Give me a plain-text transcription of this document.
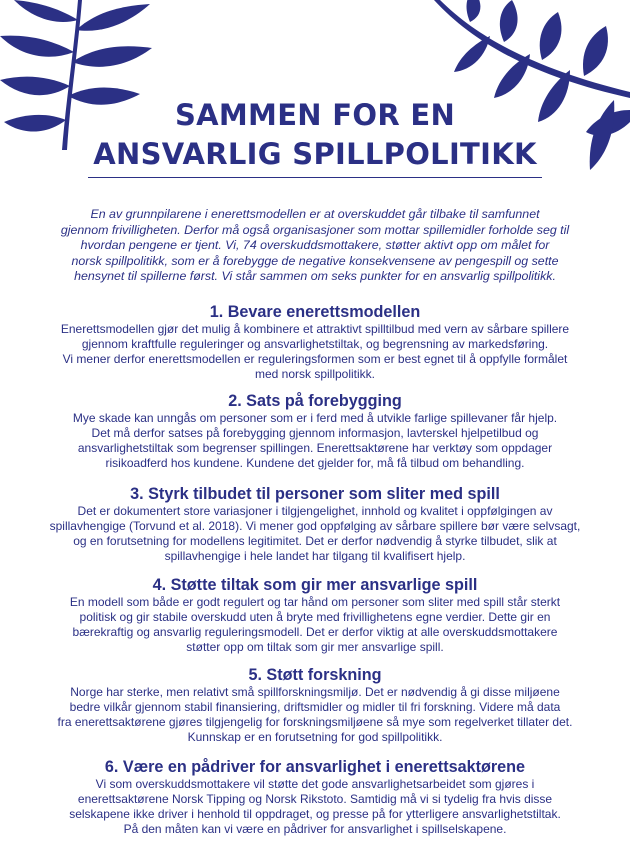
SAMMEN FOR EN
ANSVARLIG SPILLPOLITIKK

En av grunnpilarene i enerettsmodellen er at overskuddet går tilbake til samfunnet
gjennom frivilligheten. Derfor må også organisasjoner som mottar spillemidler forholde seg til
hvordan pengene er tjent. Vi, 74 overskuddsmottakere, støtter aktivt opp om målet for
norsk spillpolitikk, som er å forebygge de negative konsekvensene av pengespill og sette
hensynet til spillerne først. Vi står sammen om seks punkter for en ansvarlig spillpolitikk.

1. Bevare enerettsmodellen

Enerettsmodellen gjør det mulig å kombinere et attraktivt spilltilbud med vern av sårbare spillere
gjennom kraftfulle reguleringer og ansvarlighetstiltak, og begrensning av markedsføring.
Vi mener derfor enerettsmodellen er reguleringsformen som er best egnet til å oppfylle formålet
med norsk spillpolitikk.

2. Sats på forebygging

Mye skade kan unngås om personer som er i ferd med å utvikle farlige spillevaner får hjelp.
Det må derfor satses på forebygging gjennom informasjon, lavterskel hjelpetilbud og
ansvarlighetstiltak som begrenser spillingen. Enerettsaktørene har verktøy som oppdager
risikoadferd hos kundene. Kundene det gjelder for, må få tilbud om behandling.

3. Styrk tilbudet til personer som sliter med spill

Det er dokumentert store variasjoner i tilgjengelighet, innhold og kvalitet i oppfølgingen av
spillavhengige (Torvund et al. 2018). Vi mener god oppfølging av sårbare spillere bør være selvsagt,
og en forutsetning for modellens legitimitet. Det er derfor nødvendig å styrke tilbudet, slik at
spillavhengige i hele landet har tilgang til kvalifisert hjelp.

4. Støtte tiltak som gir mer ansvarlige spill

En modell som både er godt regulert og tar hånd om personer som sliter med spill står sterkt
politisk og gir stabile overskudd uten å bryte med frivillighetens egne verdier. Dette gir en
bærekraftig og ansvarlig reguleringsmodell. Det er derfor viktig at alle overskuddsmottakere
støtter opp om tiltak som gir mer ansvarlige spill.

5. Støtt forskning

Norge har sterke, men relativt små spillforskningsmiljø. Det er nødvendig å gi disse miljøene
bedre vilkår gjennom stabil finansiering, driftsmidler og midler til fri forskning. Videre må data
fra enerettsaktørene gjøres tilgjengelig for forskningsmiljøene så mye som regelverket tillater det.
Kunnskap er en forutsetning for god spillpolitikk.

6. Være en pådriver for ansvarlighet i enerettsaktørene

Vi som overskuddsmottakere vil støtte det gode ansvarlighetsarbeidet som gjøres i
enerettsaktørene Norsk Tipping og Norsk Rikstoto. Samtidig må vi si tydelig fra hvis disse
selskapene ikke driver i henhold til oppdraget, og presse på for ytterligere ansvarlighetstiltak.
På den måten kan vi være en pådriver for ansvarlighet i spillselskapene.
